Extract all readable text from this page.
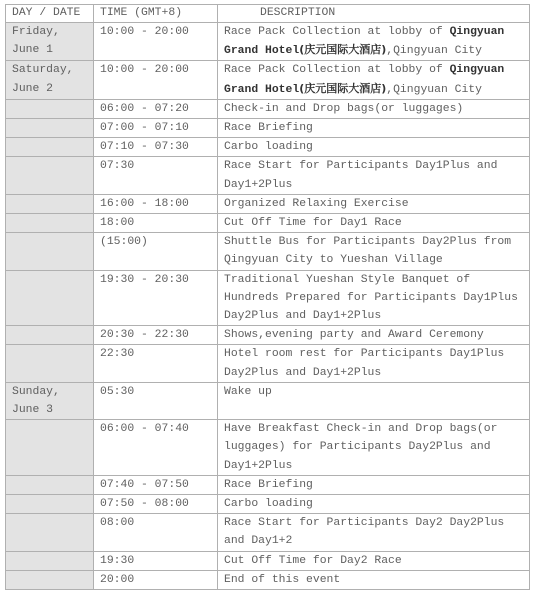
DAY / DATE	TIME (GMT+8)	DESCRIPTION
Friday, June 1	10:00 - 20:00	Race Pack Collection at lobby of Qingyuan Grand Hotel(庆元国际大酒店),Qingyuan City
Saturday, June 2	10:00 - 20:00	Race Pack Collection at lobby of Qingyuan Grand Hotel(庆元国际大酒店),Qingyuan City
	06:00 - 07:20	Check-in and Drop bags(or luggages)
	07:00 - 07:10	Race Briefing
	07:10 - 07:30	Carbo loading
	07:30	Race Start for Participants Day1Plus and Day1+2Plus
	16:00 - 18:00	Organized Relaxing Exercise
	18:00	Cut Off Time for Day1 Race
	(15:00)	Shuttle Bus for Participants Day2Plus from Qingyuan City to Yueshan Village
	19:30 - 20:30	Traditional Yueshan Style Banquet of Hundreds Prepared for Participants Day1Plus Day2Plus and Day1+2Plus
	20:30 - 22:30	Shows,evening party and Award Ceremony
	22:30	Hotel room rest for Participants Day1Plus Day2Plus and Day1+2Plus
Sunday, June 3	05:30	Wake up
	06:00 - 07:40	Have Breakfast Check-in and Drop bags(or luggages) for Participants Day2Plus and Day1+2Plus
	07:40 - 07:50	Race Briefing
	07:50 - 08:00	Carbo loading
	08:00	Race Start for Participants Day2 Day2Plus and Day1+2
	19:30	Cut Off Time for Day2 Race
	20:00	End of this event
